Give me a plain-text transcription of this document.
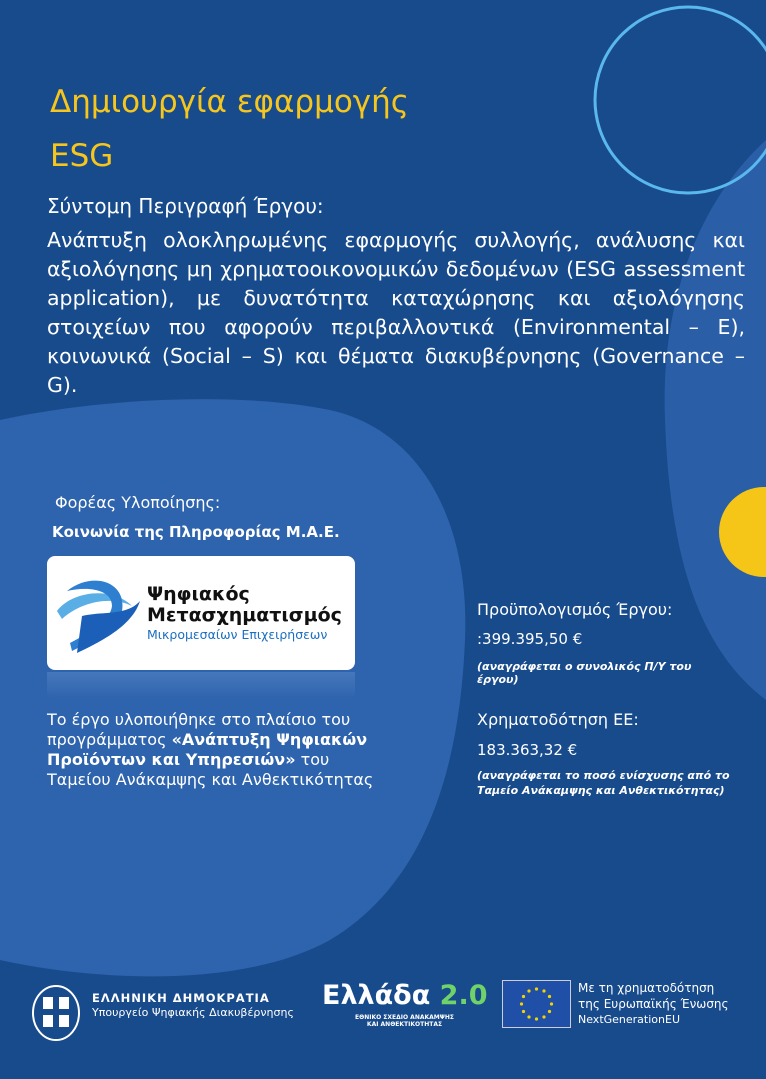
Δημιουργία εφαρμογής
ESG
Σύντομη Περιγραφή Έργου:
Ανάπτυξη ολοκληρωμένης εφαρμογής συλλογής, ανάλυσης και αξιολόγησης μη χρηματοοικονομικών δεδομένων (ESG assessment application), με δυνατότητα καταχώρησης και αξιολόγησης στοιχείων που αφορούν περιβαλλοντικά (Environmental – E), κοινωνικά (Social – S) και θέματα διακυβέρνησης (Governance – G).
Φορέας Υλοποίησης:
Κοινωνία της Πληροφορίας Μ.Α.Ε.
Ψηφιακός
Μετασχηματισμός
Μικρομεσαίων Επιχειρήσεων
Το έργο υλοποιήθηκε στο πλαίσιο του προγράμματος «Ανάπτυξη Ψηφιακών Προϊόντων και Υπηρεσιών» του Ταμείου Ανάκαμψης και Ανθεκτικότητας
Προϋπολογισμός Έργου:
:399.395,50 €
(αναγράφεται ο συνολικός Π/Υ του έργου)
Χρηματοδότηση ΕΕ:
183.363,32 €
(αναγράφεται το ποσό ενίσχυσης από το Ταμείο Ανάκαμψης και Ανθεκτικότητας)
ΕΛΛΗΝΙΚΗ ΔΗΜΟΚΡΑΤΙΑ
Υπουργείο Ψηφιακής Διακυβέρνησης
Ελλάδα 2.0
ΕΘΝΙΚΟ ΣΧΕΔΙΟ ΑΝΑΚΑΜΨΗΣ
ΚΑΙ ΑΝΘΕΚΤΙΚΟΤΗΤΑΣ
Με τη χρηματοδότηση
της Ευρωπαϊκής Ένωσης
NextGenerationEU
